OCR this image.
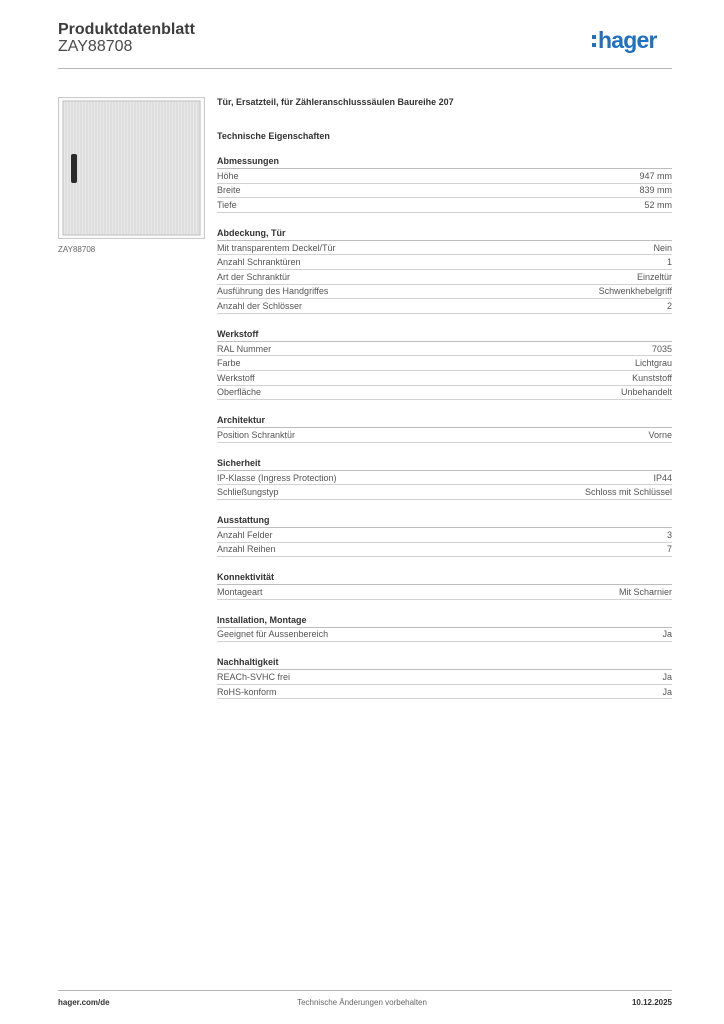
Produktdatenblatt
ZAY88708	hager
ZAY88708
Tür, Ersatzteil, für Zähleranschlusssäulen Baureihe 207
Technische Eigenschaften
Abmessungen
Höhe	947 mm
Breite	839 mm
Tiefe	52 mm
Abdeckung, Tür
Mit transparentem Deckel/Tür	Nein
Anzahl Schranktüren	1
Art der Schranktür	Einzeltür
Ausführung des Handgriffes	Schwenkhebelgriff
Anzahl der Schlösser	2
Werkstoff
RAL Nummer	7035
Farbe	Lichtgrau
Werkstoff	Kunststoff
Oberfläche	Unbehandelt
Architektur
Position Schranktür	Vorne
Sicherheit
IP-Klasse (Ingress Protection)	IP44
Schließungstyp	Schloss mit Schlüssel
Ausstattung
Anzahl Felder	3
Anzahl Reihen	7
Konnektivität
Montageart	Mit Scharnier
Installation, Montage
Geeignet für Aussenbereich	Ja
Nachhaltigkeit
REACh-SVHC frei	Ja
RoHS-konform	Ja
hager.com/de	Technische Änderungen vorbehalten	10.12.2025
